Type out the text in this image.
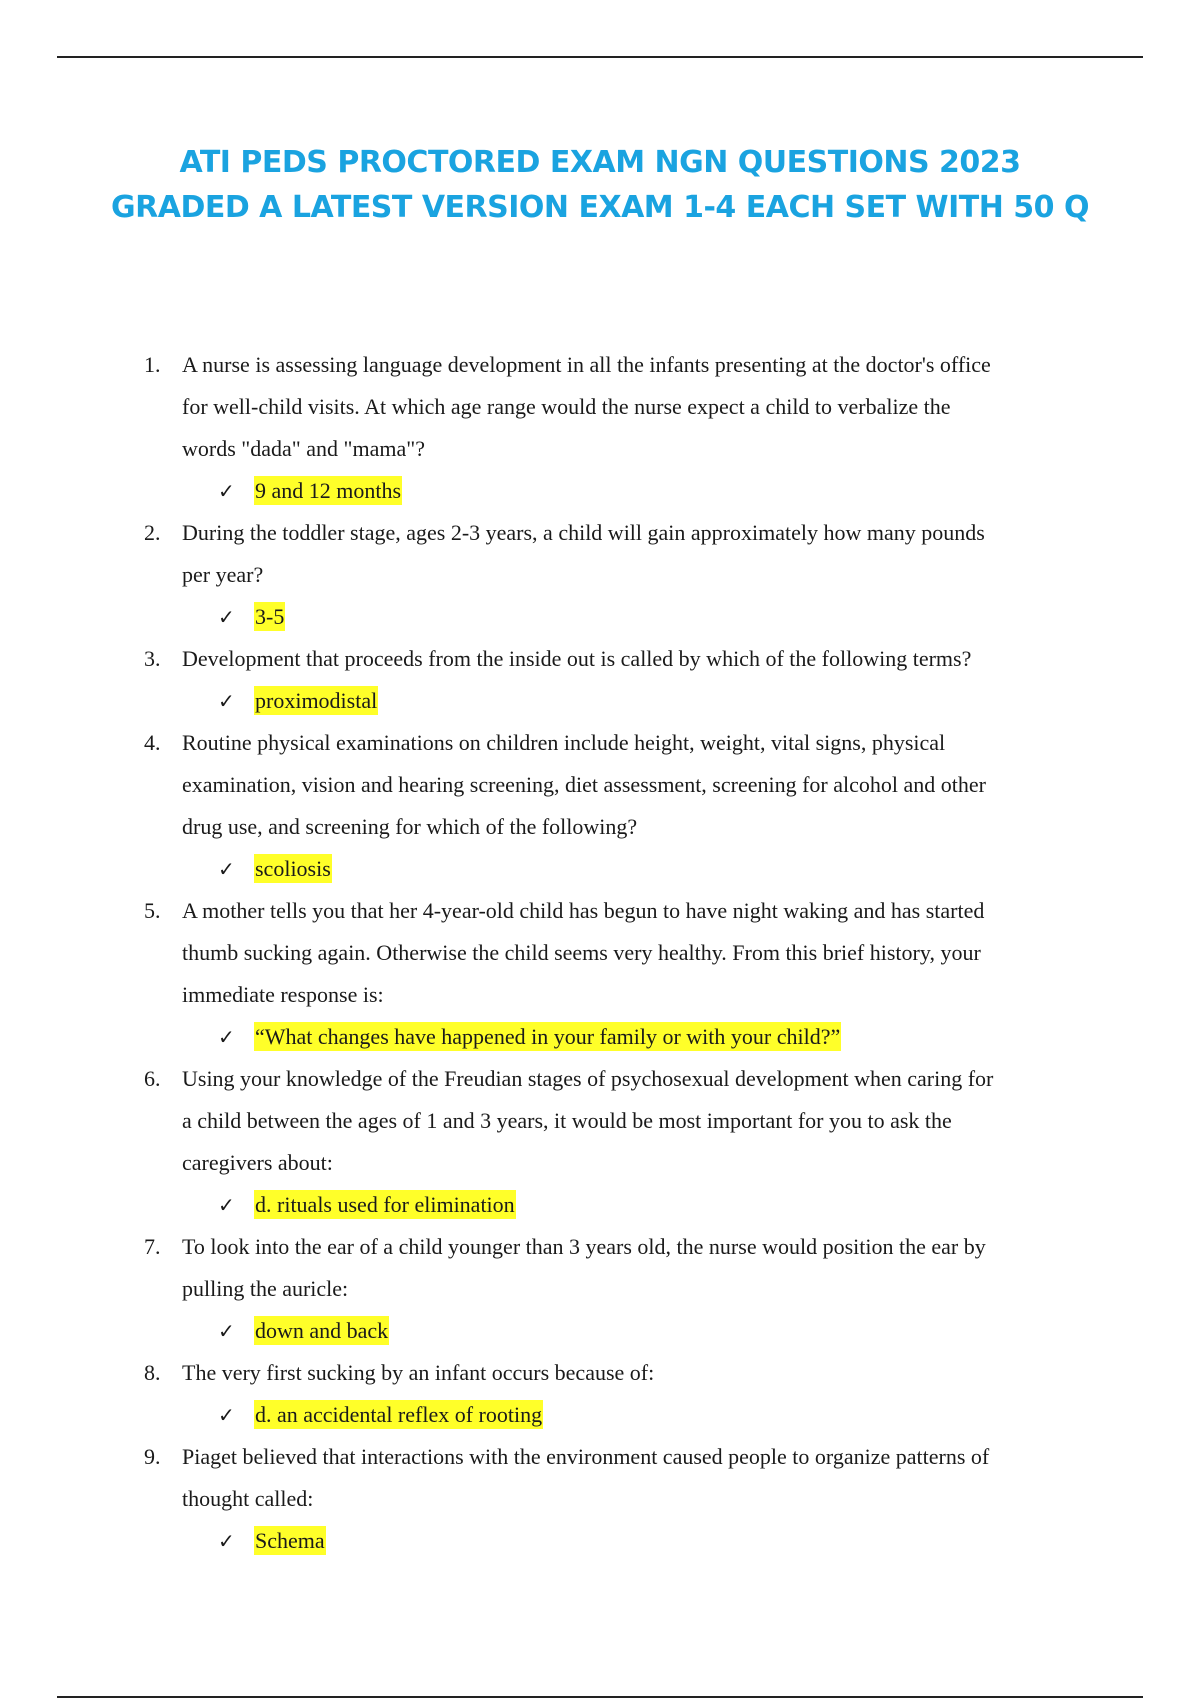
ATI PEDS PROCTORED EXAM NGN QUESTIONS 2023
GRADED A LATEST VERSION EXAM 1-4 EACH SET WITH 50 Q
1. A nurse is assessing language development in all the infants presenting at the doctor's office
for well-child visits. At which age range would the nurse expect a child to verbalize the
words "dada" and "mama"?
✓ 9 and 12 months
2. During the toddler stage, ages 2-3 years, a child will gain approximately how many pounds
per year?
✓ 3-5
3. Development that proceeds from the inside out is called by which of the following terms?
✓ proximodistal
4. Routine physical examinations on children include height, weight, vital signs, physical
examination, vision and hearing screening, diet assessment, screening for alcohol and other
drug use, and screening for which of the following?
✓ scoliosis
5. A mother tells you that her 4-year-old child has begun to have night waking and has started
thumb sucking again. Otherwise the child seems very healthy. From this brief history, your
immediate response is:
✓ “What changes have happened in your family or with your child?”
6. Using your knowledge of the Freudian stages of psychosexual development when caring for
a child between the ages of 1 and 3 years, it would be most important for you to ask the
caregivers about:
✓ d. rituals used for elimination
7. To look into the ear of a child younger than 3 years old, the nurse would position the ear by
pulling the auricle:
✓ down and back
8. The very first sucking by an infant occurs because of:
✓ d. an accidental reflex of rooting
9. Piaget believed that interactions with the environment caused people to organize patterns of
thought called:
✓ Schema
